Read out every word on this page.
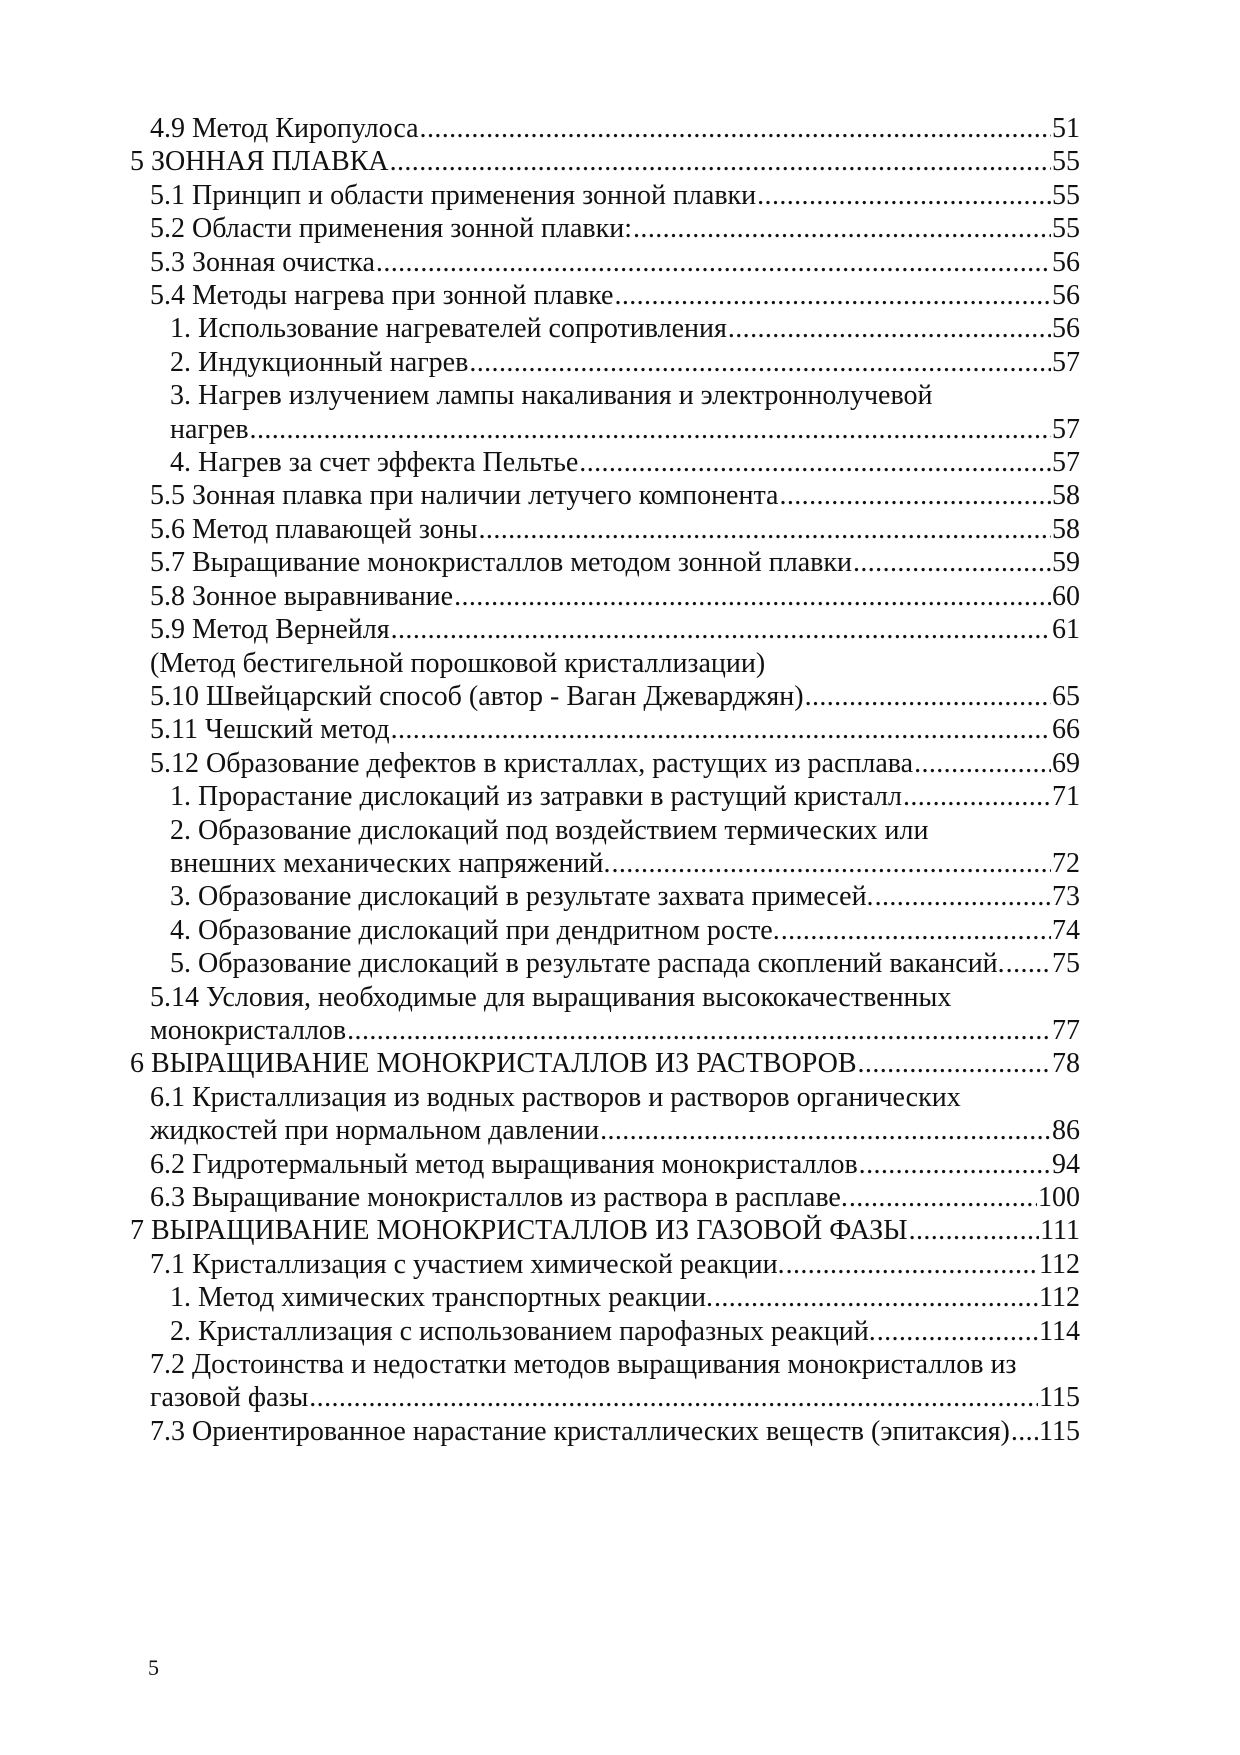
4.9 Метод Киропулоса . . .	51
5 ЗОННАЯ ПЛАВКА . . .	55
5.1 Принцип и области применения зонной плавки . . .	55
5.2 Области применения зонной плавки: . . .	55
5.3 Зонная очистка . . .	56
5.4 Методы нагрева при зонной плавке . . .	56
1. Использование нагревателей сопротивления . . .	56
2. Индукционный нагрев . . .	57
3. Нагрев излучением лампы накаливания и электроннолучевой
нагрев . . .	57
4. Нагрев за счет эффекта Пельтье . . .	57
5.5 Зонная плавка при наличии летучего компонента . . .	58
5.6 Метод плавающей зоны . . .	58
5.7 Выращивание монокристаллов методом зонной плавки . . .	59
5.8 Зонное выравнивание . . .	60
5.9 Метод Вернейля . . .	61
(Метод бестигельной порошковой кристаллизации)
5.10 Швейцарский способ (автор - Ваган Джеварджян) . . .	65
5.11 Чешский метод . . .	66
5.12 Образование дефектов в кристаллах, растущих из расплава . . .	69
1. Прорастание дислокаций из затравки в растущий кристалл . . .	71
2. Образование дислокаций под воздействием термических или
внешних механических напряжений. . . .	72
3. Образование дислокаций в результате захвата примесей. . . .	73
4. Образование дислокаций при дендритном росте. . . .	74
5. Образование дислокаций в результате распада скоплений вакансий. . . . 75
5.14 Условия, необходимые для выращивания высококачественных
монокристаллов . . .	77
6 ВЫРАЩИВАНИЕ МОНОКРИСТАЛЛОВ ИЗ РАСТВОРОВ . . .	78
6.1 Кристаллизация из водных растворов и растворов органических
жидкостей при нормальном давлении . . .	86
6.2 Гидротермальный метод выращивания монокристаллов . . .	94
6.3 Выращивание монокристаллов из раствора в расплаве. . . .	100
7 ВЫРАЩИВАНИЕ МОНОКРИСТАЛЛОВ ИЗ ГАЗОВОЙ ФАЗЫ . . .	111
7.1 Кристаллизация с участием химической реакции. . . .	112
1. Метод химических транспортных реакции. . . .	112
2. Кристаллизация с использованием парофазных реакций. . . .	114
7.2 Достоинства и недостатки методов выращивания монокристаллов из
газовой фазы . . .	115
7.3 Ориентированное нарастание кристаллических веществ (эпитаксия) . . . 115
5
